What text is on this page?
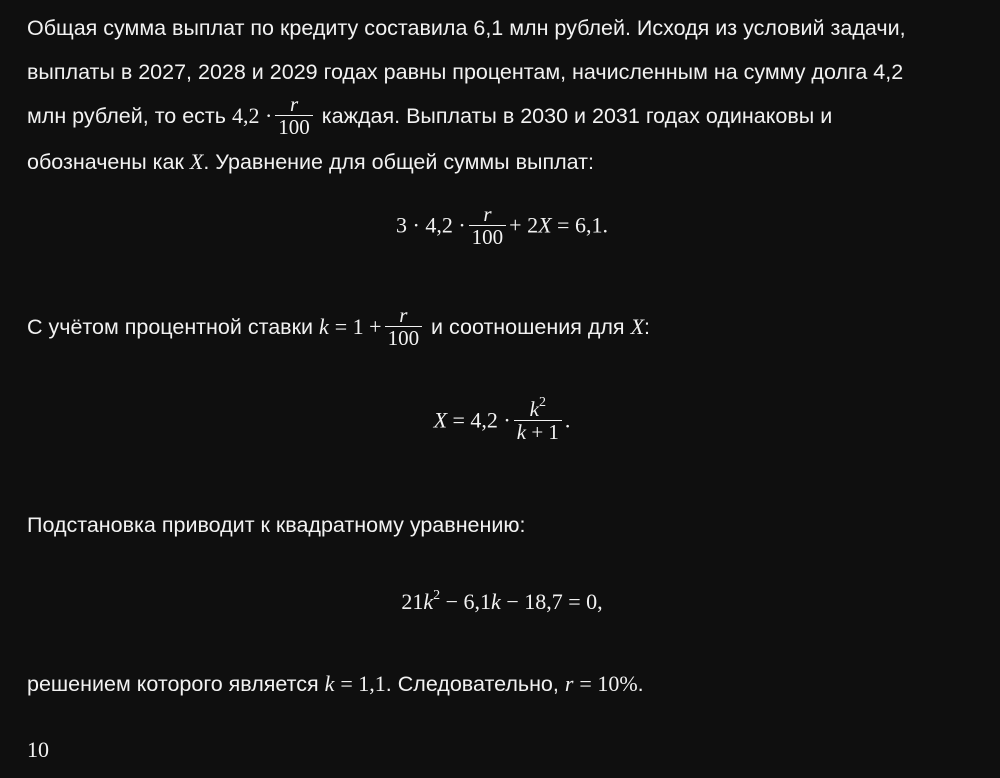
Общая сумма выплат по кредиту составила 6,1 млн рублей. Исходя из условий задачи,
выплаты в 2027, 2028 и 2029 годах равны процентам, начисленным на сумму долга 4,2
млн рублей, то есть $4,2 \cdot \frac{r}{100}$ каждая. Выплаты в 2030 и 2031 годах одинаковы и
обозначены как X. Уравнение для общей суммы выплат:
$3 \cdot 4,2 \cdot \frac{r}{100} + 2X = 6,1$.
С учётом процентной ставки $k = 1 + \frac{r}{100}$ и соотношения для X:
$X = 4,2 \cdot \frac{k^2}{k + 1}$ .
Подстановка приводит к квадратному уравнению:
$21k^2 - 6,1k - 18,7 = 0$,
решением которого является k = 1,1. Следовательно, r = 10%.
10
